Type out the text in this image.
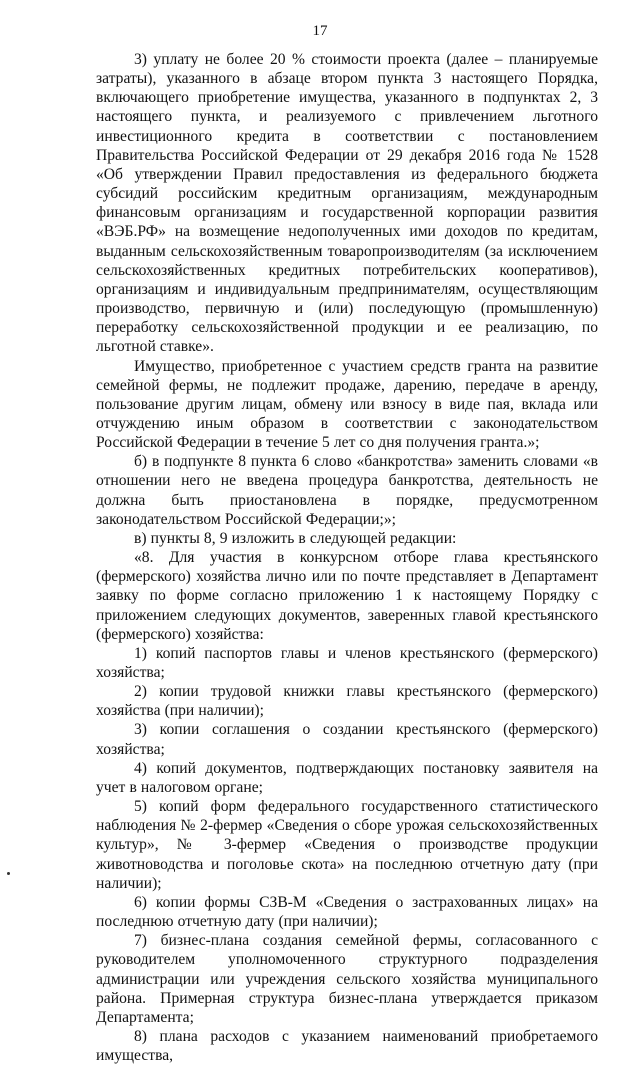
17

3) уплату не более 20 % стоимости проекта (далее – планируемые затраты), указанного в абзаце втором пункта 3 настоящего Порядка, включающего приобретение имущества, указанного в подпунктах 2, 3 настоящего пункта, и реализуемого с привлечением льготного инвестиционного кредита в соответствии с постановлением Правительства Российской Федерации от 29 декабря 2016 года № 1528 «Об утверждении Правил предоставления из федерального бюджета субсидий российским кредитным организациям, международным финансовым организациям и государственной корпорации развития «ВЭБ.РФ» на возмещение недополученных ими доходов по кредитам, выданным сельскохозяйственным товаропроизводителям (за исключением сельскохозяйственных кредитных потребительских кооперативов), организациям и индивидуальным предпринимателям, осуществляющим производство, первичную и (или) последующую (промышленную) переработку сельскохозяйственной продукции и ее реализацию, по льготной ставке».

Имущество, приобретенное с участием средств гранта на развитие семейной фермы, не подлежит продаже, дарению, передаче в аренду, пользование другим лицам, обмену или взносу в виде пая, вклада или отчуждению иным образом в соответствии с законодательством Российской Федерации в течение 5 лет со дня получения гранта.»;

б) в подпункте 8 пункта 6 слово «банкротства» заменить словами «в отношении него не введена процедура банкротства, деятельность не должна быть приостановлена в порядке, предусмотренном законодательством Российской Федерации;»;

в) пункты 8, 9 изложить в следующей редакции:

«8. Для участия в конкурсном отборе глава крестьянского (фермерского) хозяйства лично или по почте представляет в Департамент заявку по форме согласно приложению 1 к настоящему Порядку с приложением следующих документов, заверенных главой крестьянского (фермерского) хозяйства:

1) копий паспортов главы и членов крестьянского (фермерского) хозяйства;

2) копии трудовой книжки главы крестьянского (фермерского) хозяйства (при наличии);

3) копии соглашения о создании крестьянского (фермерского) хозяйства;

4) копий документов, подтверждающих постановку заявителя на учет в налоговом органе;

5) копий форм федерального государственного статистического наблюдения № 2-фермер «Сведения о сборе урожая сельскохозяйственных культур», № 3-фермер «Сведения о производстве продукции животноводства и поголовье скота» на последнюю отчетную дату (при наличии);

6) копии формы СЗВ-М «Сведения о застрахованных лицах» на последнюю отчетную дату (при наличии);

7) бизнес-плана создания семейной фермы, согласованного с руководителем уполномоченного структурного подразделения администрации или учреждения сельского хозяйства муниципального района. Примерная структура бизнес-плана утверждается приказом Департамента;

8) плана расходов с указанием наименований приобретаемого имущества,
